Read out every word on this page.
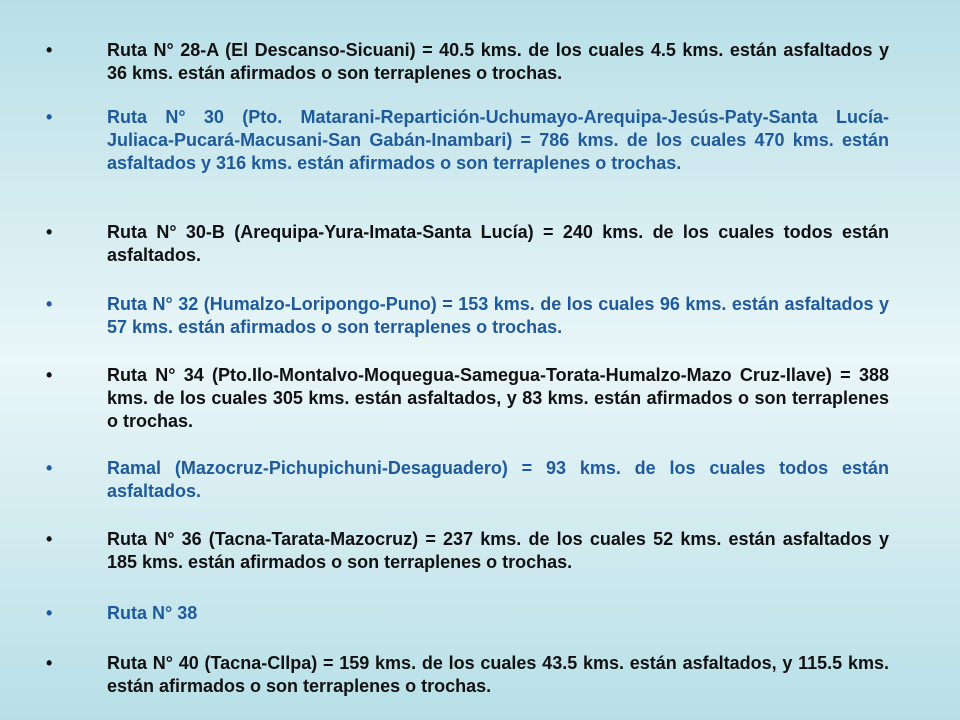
•	Ruta N° 28-A (El Descanso-Sicuani) = 40.5 kms. de los cuales 4.5 kms. están asfaltados y 36 kms. están afirmados o son terraplenes o trochas.

•	Ruta N° 30 (Pto. Matarani-Repartición-Uchumayo-Arequipa-Jesús-Paty-Santa Lucía-Juliaca-Pucará-Macusani-San Gabán-Inambari) = 786 kms. de los cuales 470 kms. están asfaltados y 316 kms. están afirmados o son terraplenes o trochas.

•	Ruta N° 30-B (Arequipa-Yura-Imata-Santa Lucía) = 240 kms. de los cuales todos están asfaltados.

•	Ruta N° 32 (Humalzo-Loripongo-Puno) = 153 kms. de los cuales 96 kms. están asfaltados y 57 kms. están afirmados o son terraplenes o trochas.

•	Ruta N° 34 (Pto.Ilo-Montalvo-Moquegua-Samegua-Torata-Humalzo-Mazo Cruz-Ilave) = 388 kms. de los cuales 305 kms. están asfaltados, y 83 kms. están afirmados o son terraplenes o trochas.

•	Ramal (Mazocruz-Pichupichuni-Desaguadero) = 93 kms. de los cuales todos están asfaltados.

•	Ruta N° 36 (Tacna-Tarata-Mazocruz) = 237 kms. de los cuales 52 kms. están asfaltados y 185 kms. están afirmados o son terraplenes o trochas.

•	Ruta N° 38

•	Ruta N° 40 (Tacna-Cllpa) = 159 kms. de los cuales 43.5 kms. están asfaltados, y 115.5 kms. están afirmados o son terraplenes o trochas.
